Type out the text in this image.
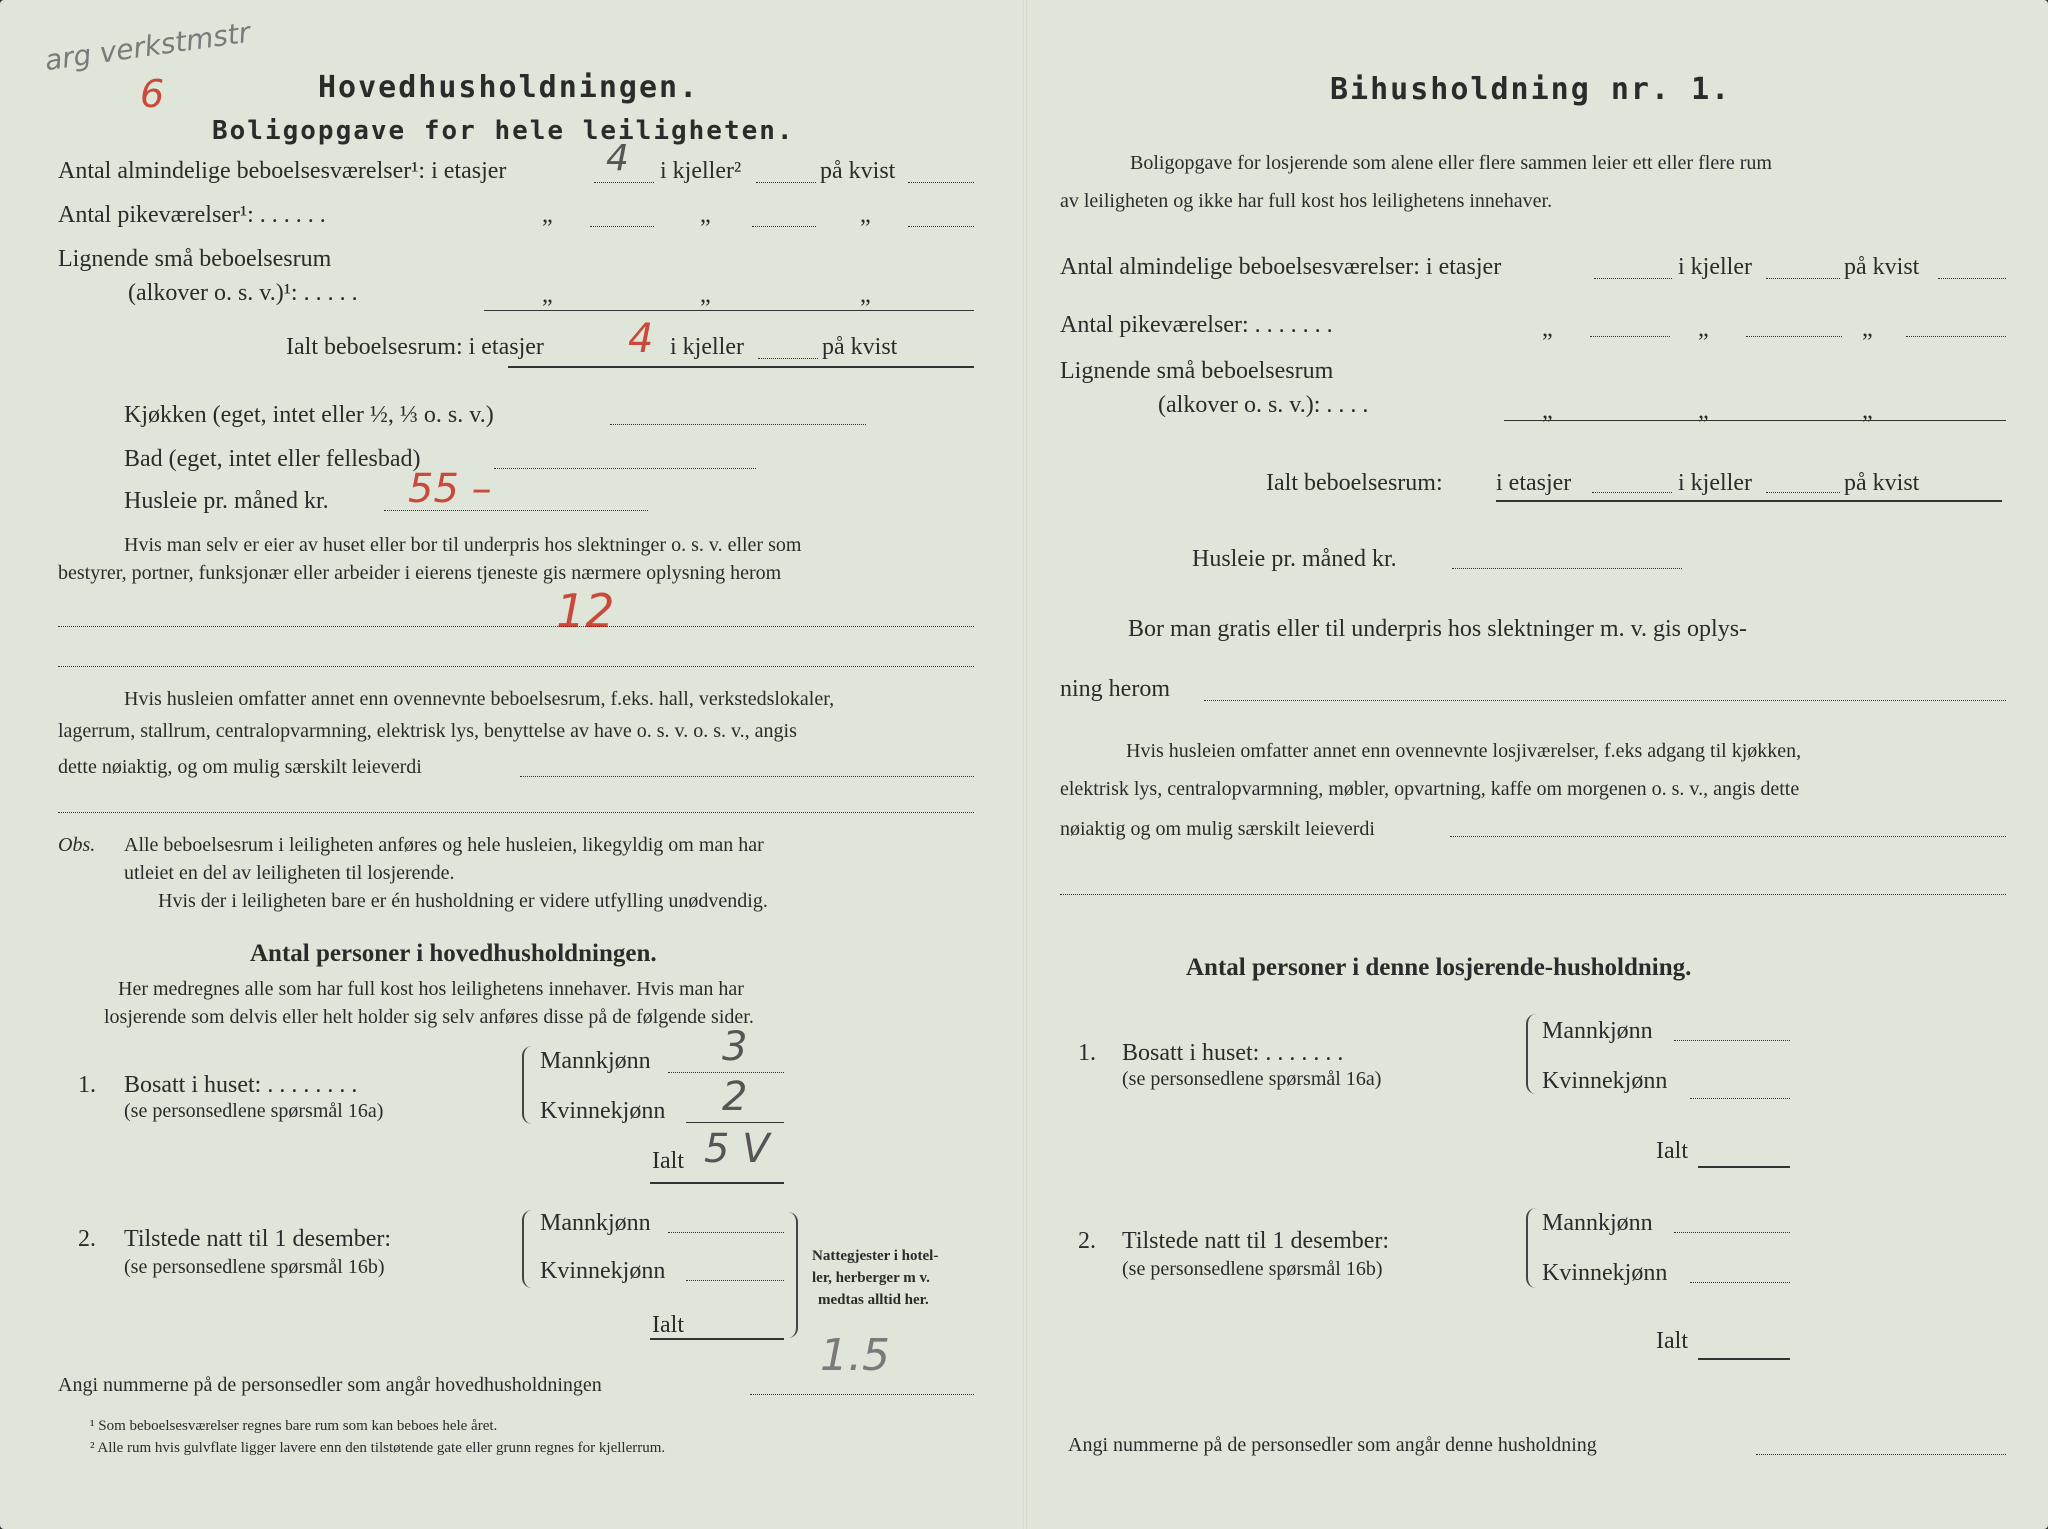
arg verkstmstr
6	Hovedhusholdningen.
Boligopgave for hele leiligheten.
Antal almindelige beboelsesværelser¹: i etasjer	4 i kjeller²	på kvist
Antal pikeværelser¹: . . . . . .	„	„	„
Lignende små beboelsesrum
(alkover o. s. v.)¹: . . . . .	„	„	„
Ialt beboelsesrum: i etasjer 4 i kjeller	på kvist
Kjøkken (eget, intet eller ½, ⅓ o. s. v.)
Bad (eget, intet eller fellesbad)
Husleie pr. måned kr. 55 –
Hvis man selv er eier av huset eller bor til underpris hos slektninger o. s. v. eller som
bestyrer, portner, funksjonær eller arbeider i eierens tjeneste gis nærmere oplysning herom
12
Hvis husleien omfatter annet enn ovennevnte beboelsesrum, f.eks. hall, verkstedslokaler,
lagerrum, stallrum, centralopvarmning, elektrisk lys, benyttelse av have o. s. v. o. s. v., angis
dette nøiaktig, og om mulig særskilt leieverdi
Obs. Alle beboelsesrum i leiligheten anføres og hele husleien, likegyldig om man har
utleiet en del av leiligheten til losjerende.
Hvis der i leiligheten bare er én husholdning er videre utfylling unødvendig.
Antal personer i hovedhusholdningen.
Her medregnes alle som har full kost hos leilighetens innehaver. Hvis man har
losjerende som delvis eller helt holder sig selv anføres disse på de følgende sider.
1. Bosatt i huset: . . . . . . . .
(se personsedlene spørsmål 16a)
Mannkjønn 3
Kvinnekjønn 2
Ialt 5 V
2. Tilstede natt til 1 desember:
(se personsedlene spørsmål 16b)
Mannkjønn
Kvinnekjønn
Ialt
Nattegjester i hotel-
ler, herberger m v.
medtas alltid her.
1.5
Angi nummerne på de personsedler som angår hovedhusholdningen
¹ Som beboelsesværelser regnes bare rum som kan beboes hele året.
² Alle rum hvis gulvflate ligger lavere enn den tilstøtende gate eller grunn regnes for kjellerrum.
Bihusholdning nr. 1.
Boligopgave for losjerende som alene eller flere sammen leier ett eller flere rum
av leiligheten og ikke har full kost hos leilighetens innehaver.
Antal almindelige beboelsesværelser: i etasjer	i kjeller	på kvist
Antal pikeværelser: . . . . . . .	„	„	„
Lignende små beboelsesrum
(alkover o. s. v.): . . . .	„	„	„
Ialt beboelsesrum: i etasjer	i kjeller	på kvist
Husleie pr. måned kr.
Bor man gratis eller til underpris hos slektninger m. v. gis oplys-
ning herom
Hvis husleien omfatter annet enn ovennevnte losjiværelser, f.eks adgang til kjøkken,
elektrisk lys, centralopvarmning, møbler, opvartning, kaffe om morgenen o. s. v., angis dette
nøiaktig og om mulig særskilt leieverdi
Antal personer i denne losjerende-husholdning.
1. Bosatt i huset: . . . . . . .
(se personsedlene spørsmål 16a)
Mannkjønn
Kvinnekjønn
Ialt
2. Tilstede natt til 1 desember:
(se personsedlene spørsmål 16b)
Mannkjønn
Kvinnekjønn
Ialt
Angi nummerne på de personsedler som angår denne husholdning
